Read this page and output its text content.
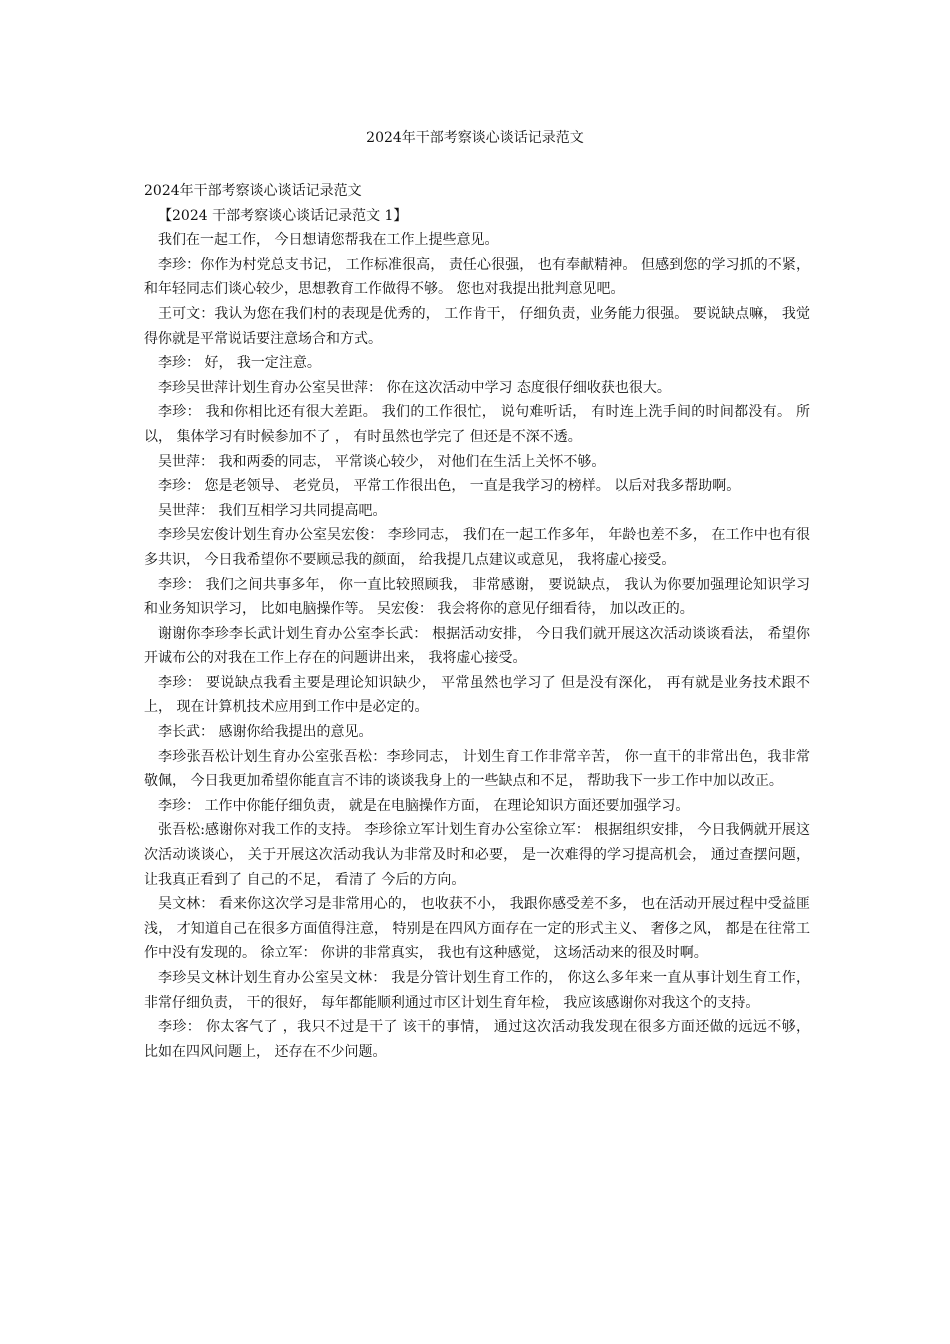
2024年干部考察谈心谈话记录范文

2024年干部考察谈心谈话记录范文

【2024 干部考察谈心谈话记录范文 1】

我们在一起工作， 今日想请您帮我在工作上提些意见。

李珍：你作为村党总支书记， 工作标准很高， 责任心很强， 也有奉献精神。 但感到您的学习抓的不紧， 和年轻同志们谈心较少，思想教育工作做得不够。 您也对我提出批判意见吧。

王可文：我认为您在我们村的表现是优秀的， 工作肯干， 仔细负责，业务能力很强。 要说缺点嘛， 我觉得你就是平常说话要注意场合和方式。

李珍： 好， 我一定注意。

李珍吴世萍计划生育办公室吴世萍： 你在这次活动中学习 态度很仔细收获也很大。

李珍： 我和你相比还有很大差距。 我们的工作很忙， 说句难听话， 有时连上洗手间的时间都没有。 所以， 集体学习有时候参加不了 ， 有时虽然也学完了 但还是不深不透。

吴世萍： 我和两委的同志， 平常谈心较少， 对他们在生活上关怀不够。

李珍： 您是老领导、 老党员， 平常工作很出色， 一直是我学习的榜样。 以后对我多帮助啊。

吴世萍： 我们互相学习共同提高吧。

李珍吴宏俊计划生育办公室吴宏俊： 李珍同志， 我们在一起工作多年， 年龄也差不多， 在工作中也有很多共识， 今日我希望你不要顾忌我的颜面， 给我提几点建议或意见， 我将虚心接受。

李珍： 我们之间共事多年， 你一直比较照顾我， 非常感谢， 要说缺点， 我认为你要加强理论知识学习和业务知识学习， 比如电脑操作等。 吴宏俊： 我会将你的意见仔细看待， 加以改正的。

谢谢你李珍李长武计划生育办公室李长武： 根据活动安排， 今日我们就开展这次活动谈谈看法， 希望你开诚布公的对我在工作上存在的问题讲出来， 我将虚心接受。

李珍： 要说缺点我看主要是理论知识缺少， 平常虽然也学习了 但是没有深化， 再有就是业务技术跟不上， 现在计算机技术应用到工作中是必定的。

李长武： 感谢你给我提出的意见。

李珍张吾松计划生育办公室张吾松：李珍同志， 计划生育工作非常辛苦， 你一直干的非常出色，我非常敬佩， 今日我更加希望你能直言不讳的谈谈我身上的一些缺点和不足， 帮助我下一步工作中加以改正。

李珍： 工作中你能仔细负责， 就是在电脑操作方面， 在理论知识方面还要加强学习。

张吾松:感谢你对我工作的支持。 李珍徐立军计划生育办公室徐立军： 根据组织安排， 今日我俩就开展这次活动谈谈心， 关于开展这次活动我认为非常及时和必要， 是一次难得的学习提高机会， 通过查摆问题， 让我真正看到了 自己的不足， 看清了 今后的方向。

吴文林： 看来你这次学习是非常用心的， 也收获不小， 我跟你感受差不多， 也在活动开展过程中受益匪浅， 才知道自己在很多方面值得注意， 特别是在四风方面存在一定的形式主义、 奢侈之风， 都是在往常工作中没有发现的。 徐立军： 你讲的非常真实， 我也有这种感觉， 这场活动来的很及时啊。

李珍吴文林计划生育办公室吴文林： 我是分管计划生育工作的， 你这么多年来一直从事计划生育工作，非常仔细负责， 干的很好， 每年都能顺利通过市区计划生育年检， 我应该感谢你对我这个的支持。

李珍： 你太客气了 ，我只不过是干了 该干的事情， 通过这次活动我发现在很多方面还做的远远不够， 比如在四风问题上， 还存在不少问题。
